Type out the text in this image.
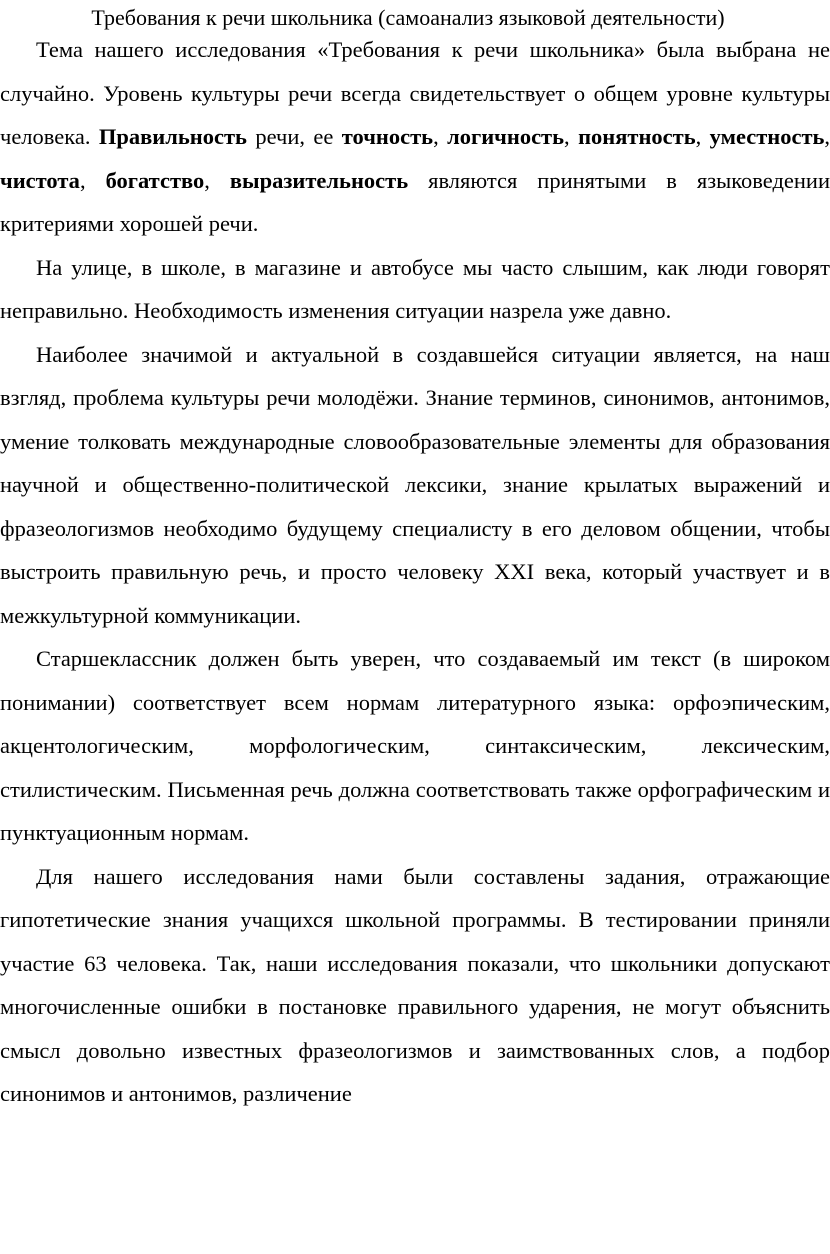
Требования к речи школьника (самоанализ языковой деятельности)

Тема нашего исследования «Требования к речи школьника» была выбрана не случайно. Уровень культуры речи всегда свидетельствует о общем уровне культуры человека. Правильность речи, ее точность, логичность, понятность, уместность, чистота, богатство, выразительность являются принятыми в языковедении критериями хорошей речи.

На улице, в школе, в магазине и автобусе мы часто слышим, как люди говорят неправильно. Необходимость изменения ситуации назрела уже давно.

Наиболее значимой и актуальной в создавшейся ситуации является, на наш взгляд, проблема культуры речи молодёжи. Знание терминов, синонимов, антонимов, умение толковать международные словообразовательные элементы для образования научной и общественно-политической лексики, знание крылатых выражений и фразеологизмов необходимо будущему специалисту в его деловом общении, чтобы выстроить правильную речь, и просто человеку XXI века, который участвует и в межкультурной коммуникации.

Старшеклассник должен быть уверен, что создаваемый им текст (в широком понимании) соответствует всем нормам литературного языка: орфоэпическим, акцентологическим, морфологическим, синтаксическим, лексическим, стилистическим. Письменная речь должна соответствовать также орфографическим и пунктуационным нормам.

Для нашего исследования нами были составлены задания, отражающие гипотетические знания учащихся школьной программы. В тестировании приняли участие 63 человека. Так, наши исследования показали, что школьники допускают многочисленные ошибки в постановке правильного ударения, не могут объяснить смысл довольно известных фразеологизмов и заимствованных слов, а подбор синонимов и антонимов, различение
